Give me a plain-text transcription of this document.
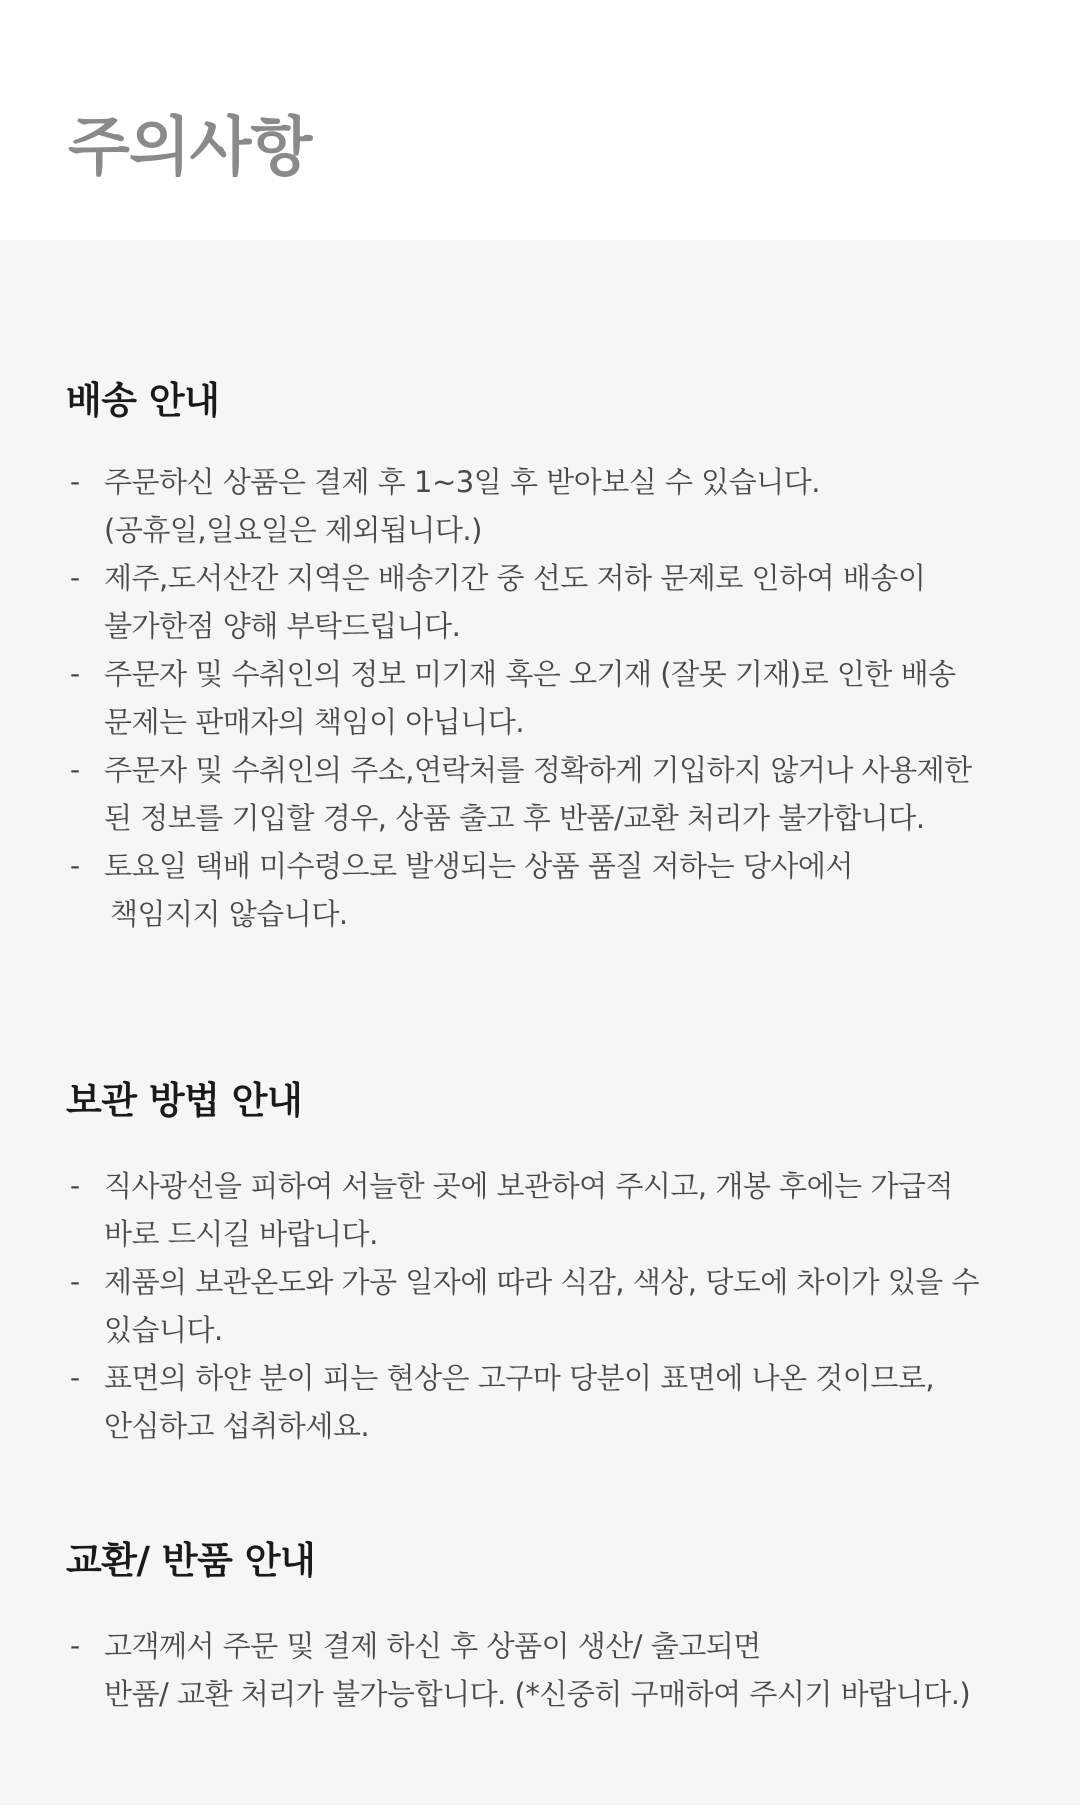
주의사항
배송 안내
- 주문하신 상품은 결제 후 1~3일 후 받아보실 수 있습니다.
(공휴일,일요일은 제외됩니다.)
- 제주,도서산간 지역은 배송기간 중 선도 저하 문제로 인하여 배송이
불가한점 양해 부탁드립니다.
- 주문자 및 수취인의 정보 미기재 혹은 오기재 (잘못 기재)로 인한 배송
문제는 판매자의 책임이 아닙니다.
- 주문자 및 수취인의 주소,연락처를 정확하게 기입하지 않거나 사용제한
된 정보를 기입할 경우, 상품 출고 후 반품/교환 처리가 불가합니다.
- 토요일 택배 미수령으로 발생되는 상품 품질 저하는 당사에서
책임지지 않습니다.
보관 방법 안내
- 직사광선을 피하여 서늘한 곳에 보관하여 주시고, 개봉 후에는 가급적
바로 드시길 바랍니다.
- 제품의 보관온도와 가공 일자에 따라 식감, 색상, 당도에 차이가 있을 수
있습니다.
- 표면의 하얀 분이 피는 현상은 고구마 당분이 표면에 나온 것이므로,
안심하고 섭취하세요.
교환/ 반품 안내
- 고객께서 주문 및 결제 하신 후 상품이 생산/ 출고되면
반품/ 교환 처리가 불가능합니다. (*신중히 구매하여 주시기 바랍니다.)
